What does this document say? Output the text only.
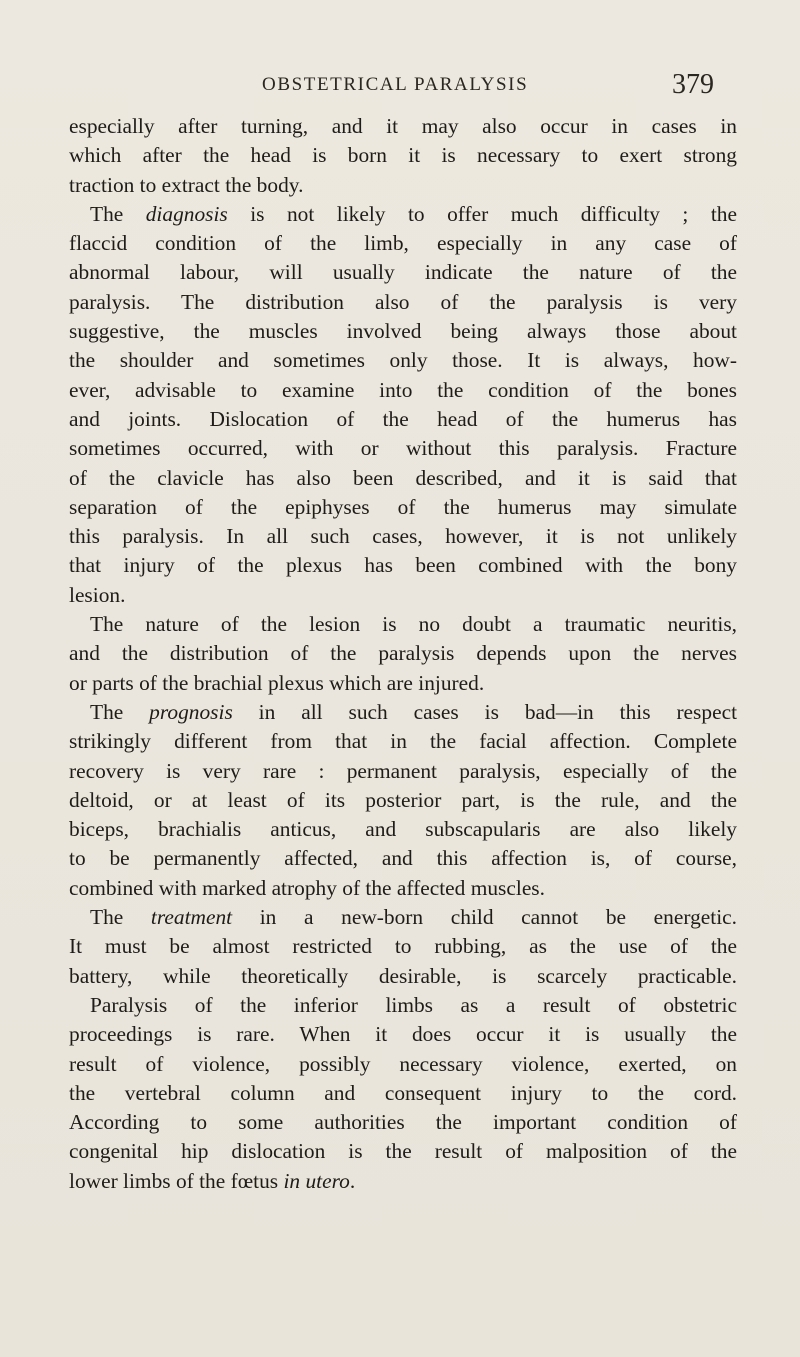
OBSTETRICAL PARALYSIS	379
especially after turning, and it may also occur in cases in
which after the head is born it is necessary to exert strong
traction to extract the body.
The diagnosis is not likely to offer much difficulty ; the
flaccid condition of the limb, especially in any case of
abnormal labour, will usually indicate the nature of the
paralysis. The distribution also of the paralysis is very
suggestive, the muscles involved being always those about
the shoulder and sometimes only those. It is always, how-
ever, advisable to examine into the condition of the bones
and joints. Dislocation of the head of the humerus has
sometimes occurred, with or without this paralysis. Fracture
of the clavicle has also been described, and it is said that
separation of the epiphyses of the humerus may simulate
this paralysis. In all such cases, however, it is not unlikely
that injury of the plexus has been combined with the bony
lesion.
The nature of the lesion is no doubt a traumatic neuritis,
and the distribution of the paralysis depends upon the nerves
or parts of the brachial plexus which are injured.
The prognosis in all such cases is bad—in this respect
strikingly different from that in the facial affection. Complete
recovery is very rare : permanent paralysis, especially of the
deltoid, or at least of its posterior part, is the rule, and the
biceps, brachialis anticus, and subscapularis are also likely
to be permanently affected, and this affection is, of course,
combined with marked atrophy of the affected muscles.
The treatment in a new-born child cannot be energetic.
It must be almost restricted to rubbing, as the use of the
battery, while theoretically desirable, is scarcely practicable.
Paralysis of the inferior limbs as a result of obstetric
proceedings is rare. When it does occur it is usually the
result of violence, possibly necessary violence, exerted, on
the vertebral column and consequent injury to the cord.
According to some authorities the important condition of
congenital hip dislocation is the result of malposition of the
lower limbs of the fœtus in utero.
